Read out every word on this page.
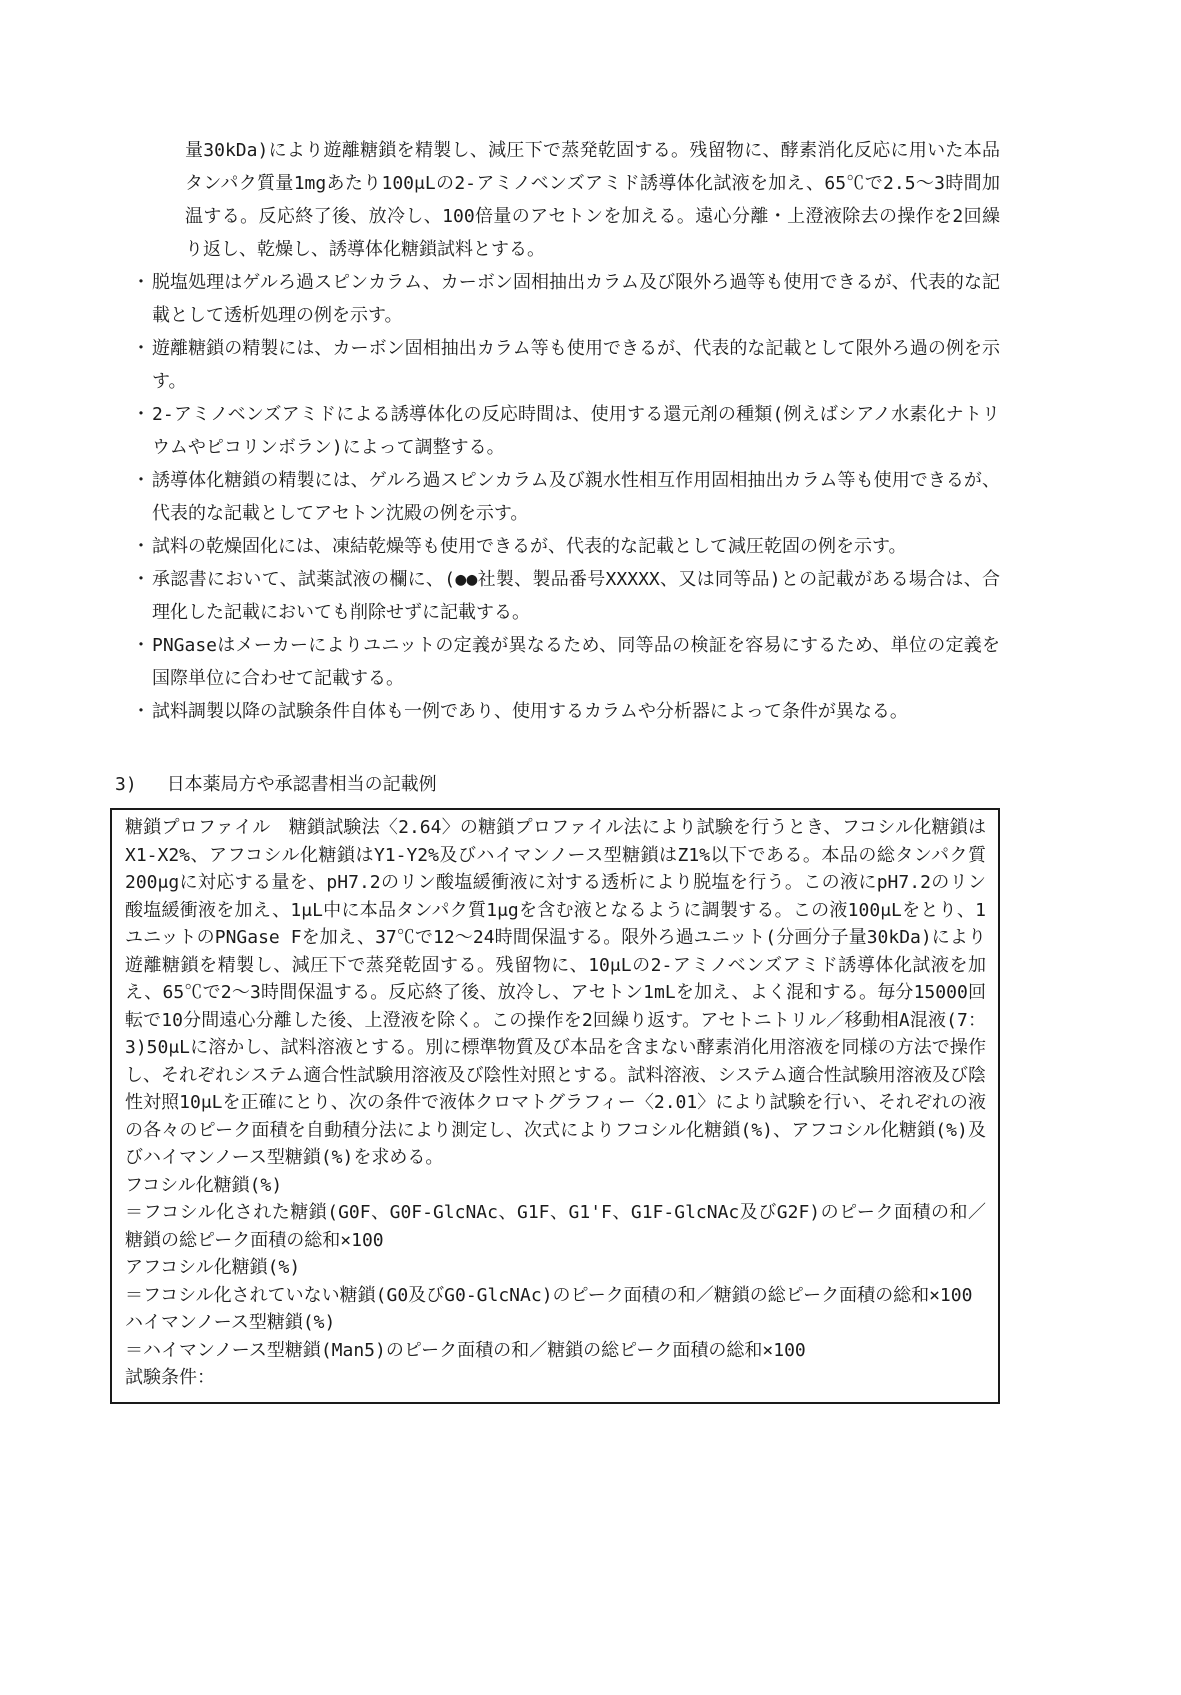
量30kDa)により遊離糖鎖を精製し、減圧下で蒸発乾固する。残留物に、酵素消化反応に用いた本品タンパク質量1mgあたり100μLの2-アミノベンズアミド誘導体化試液を加え、65℃で2.5〜3時間加温する。反応終了後、放冷し、100倍量のアセトンを加える。遠心分離・上澄液除去の操作を2回繰り返し、乾燥し、誘導体化糖鎖試料とする。

・ 脱塩処理はゲルろ過スピンカラム、カーボン固相抽出カラム及び限外ろ過等も使用できるが、代表的な記載として透析処理の例を示す。
・ 遊離糖鎖の精製には、カーボン固相抽出カラム等も使用できるが、代表的な記載として限外ろ過の例を示す。
・ 2-アミノベンズアミドによる誘導体化の反応時間は、使用する還元剤の種類(例えばシアノ水素化ナトリウムやピコリンボラン)によって調整する。
・ 誘導体化糖鎖の精製には、ゲルろ過スピンカラム及び親水性相互作用固相抽出カラム等も使用できるが、代表的な記載としてアセトン沈殿の例を示す。
・ 試料の乾燥固化には、凍結乾燥等も使用できるが、代表的な記載として減圧乾固の例を示す。
・ 承認書において、試薬試液の欄に、(●●社製、製品番号XXXXX、又は同等品)との記載がある場合は、合理化した記載においても削除せずに記載する。
・ PNGaseはメーカーによりユニットの定義が異なるため、同等品の検証を容易にするため、単位の定義を国際単位に合わせて記載する。
・ 試料調製以降の試験条件自体も一例であり、使用するカラムや分析器によって条件が異なる。
3) 日本薬局方や承認書相当の記載例

糖鎖プロファイル　糖鎖試験法〈2.64〉の糖鎖プロファイル法により試験を行うとき、フコシル化糖鎖はX1-X2%、アフコシル化糖鎖はY1-Y2%及びハイマンノース型糖鎖はZ1%以下である。本品の総タンパク質200μgに対応する量を、pH7.2のリン酸塩緩衝液に対する透析により脱塩を行う。この液にpH7.2のリン酸塩緩衝液を加え、1μL中に本品タンパク質1μgを含む液となるように調製する。この液100μLをとり、1ユニットのPNGase Fを加え、37℃で12〜24時間保温する。限外ろ過ユニット(分画分子量30kDa)により遊離糖鎖を精製し、減圧下で蒸発乾固する。残留物に、10μLの2-アミノベンズアミド誘導体化試液を加え、65℃で2〜3時間保温する。反応終了後、放冷し、アセトン1mLを加え、よく混和する。毎分15000回転で10分間遠心分離した後、上澄液を除く。この操作を2回繰り返す。アセトニトリル／移動相A混液(7：3)50μLに溶かし、試料溶液とする。別に標準物質及び本品を含まない酵素消化用溶液を同様の方法で操作し、それぞれシステム適合性試験用溶液及び陰性対照とする。試料溶液、システム適合性試験用溶液及び陰性対照10μLを正確にとり、次の条件で液体クロマトグラフィー〈2.01〉により試験を行い、それぞれの液の各々のピーク面積を自動積分法により測定し、次式によりフコシル化糖鎖(%)、アフコシル化糖鎖(%)及びハイマンノース型糖鎖(%)を求める。

フコシル化糖鎖(%)

＝フコシル化された糖鎖(G0F、G0F-GlcNAc、G1F、G1'F、G1F-GlcNAc及びG2F)のピーク面積の和／糖鎖の総ピーク面積の総和×100

アフコシル化糖鎖(%)

＝フコシル化されていない糖鎖(G0及びG0-GlcNAc)のピーク面積の和／糖鎖の総ピーク面積の総和×100

ハイマンノース型糖鎖(%)

＝ハイマンノース型糖鎖(Man5)のピーク面積の和／糖鎖の総ピーク面積の総和×100

試験条件：
